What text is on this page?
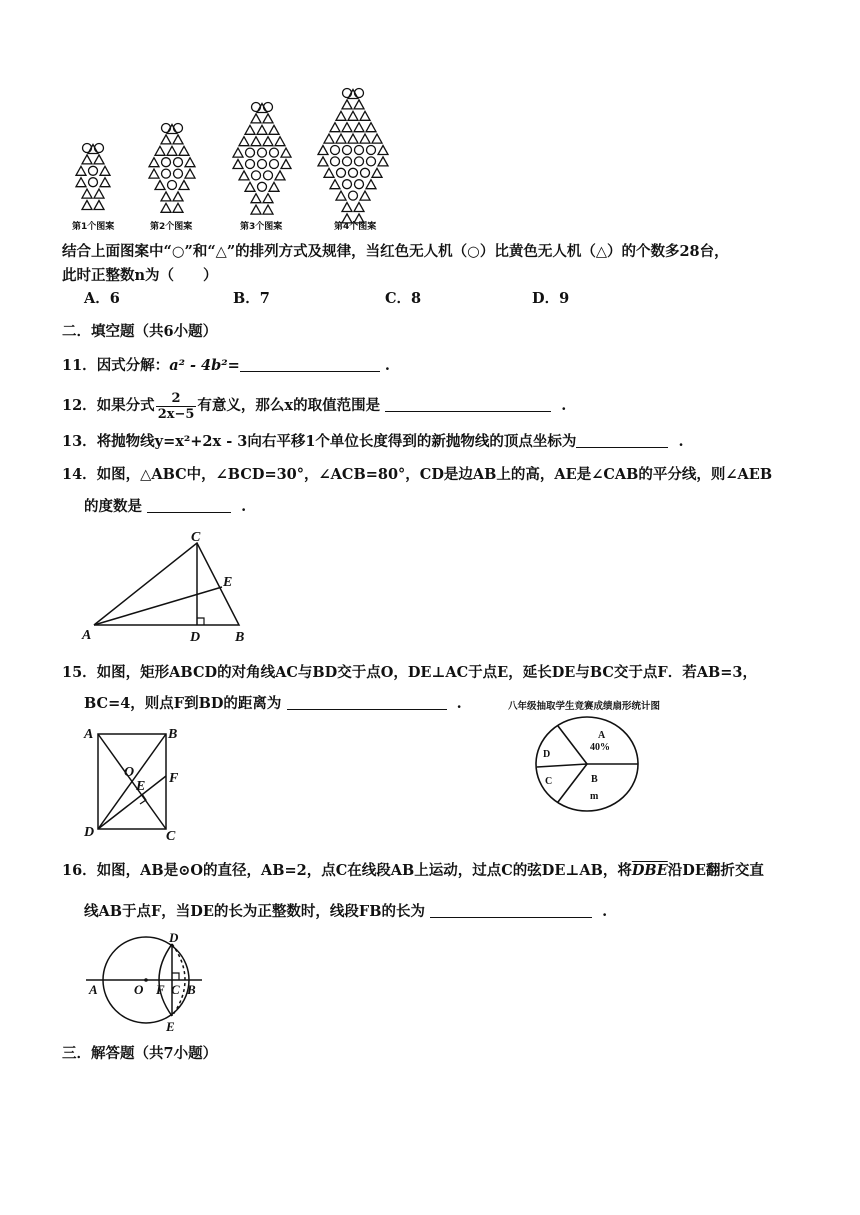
第1个图案	第2个图案	第3个图案	第4个图案
结合上面图案中“○”和“△”的排列方式及规律，当红色无人机（○）比黄色无人机（△）的个数多28台，
此时正整数n为（　　）
A．6	B．7	C．8	D．9
二．填空题（共6小题）
11．因式分解：a² - 4b²=	.
12．如果分式 $\frac{2}{2x-5}$ 有意义，那么x的取值范围是	.
13．将抛物线y=x²+2x - 3向右平移1个单位长度得到的新抛物线的顶点坐标为	.
14．如图，△ABC中，∠BCD=30°，∠ACB=80°，CD是边AB上的高，AE是∠CAB的平分线，则∠AEB
的度数是	.
A
C
E
D B
15．如图，矩形ABCD的对角线AC与BD交于点O，DE⊥AC于点E，延长DE与BC交于点F．若AB=3，
BC=4，则点F到BD的距离为	.	八年级抽取学生竞赛成绩扇形统计图
A	B
O
E
F
D	C
A
40%
D
C	B
m
16．如图，AB是⊙O的直径，AB=2，点C在线段AB上运动，过点C的弦DE⊥AB，将$\overline{DBE}$沿DE翻折交直
线AB于点F，当DE的长为正整数时，线段FB的长为	.
A	O F C B
D
E
三．解答题（共7小题）
